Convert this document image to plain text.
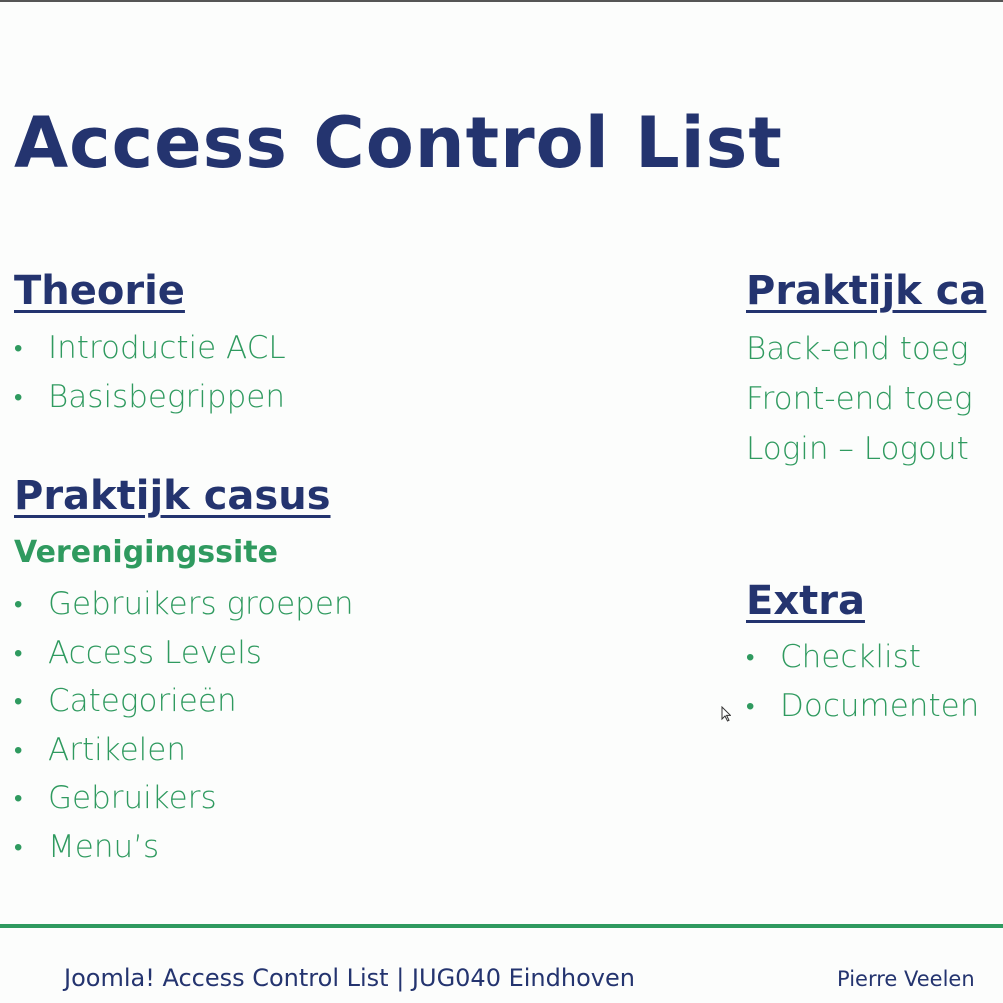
Access Control List
Theorie
• Introductie ACL
• Basisbegrippen
Praktijk casus
Verenigingssite
• Gebruikers groepen
• Access Levels
• Categorieën
• Artikelen
• Gebruikers
• Menu’s
Praktijk ca
Back-end toeg
Front-end toeg
Login – Logout
Extra
• Checklist
• Documenten
Joomla! Access Control List | JUG040 Eindhoven	Pierre Veelen
